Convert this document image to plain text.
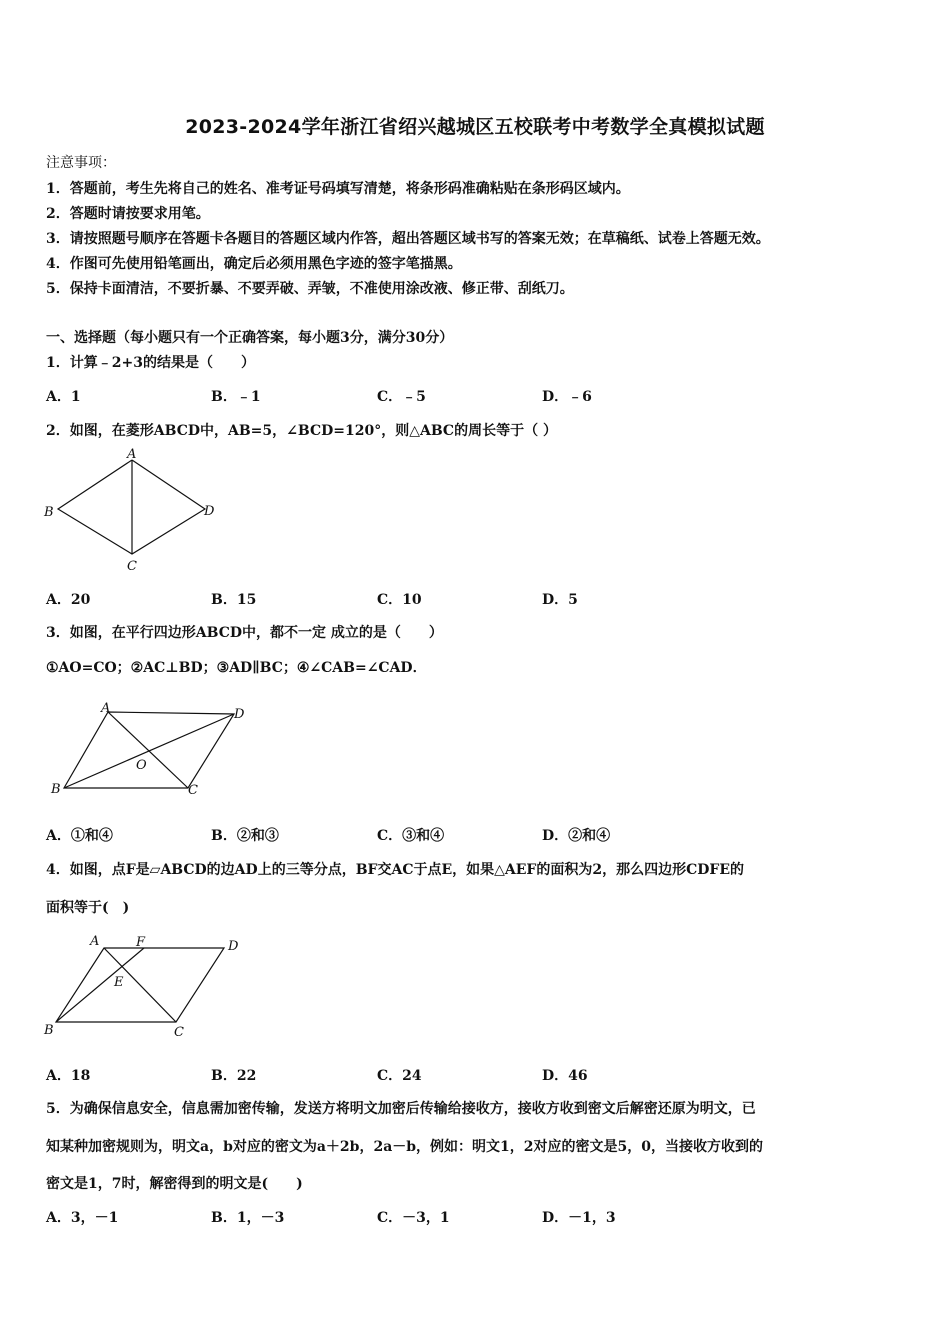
2023-2024学年浙江省绍兴越城区五校联考中考数学全真模拟试题
注意事项：
1．答题前，考生先将自己的姓名、准考证号码填写清楚，将条形码准确粘贴在条形码区域内。
2．答题时请按要求用笔。
3．请按照题号顺序在答题卡各题目的答题区域内作答，超出答题区域书写的答案无效；在草稿纸、试卷上答题无效。
4．作图可先使用铅笔画出，确定后必须用黑色字迹的签字笔描黑。
5．保持卡面清洁，不要折暴、不要弄破、弄皱，不准使用涂改液、修正带、刮纸刀。
一、选择题（每小题只有一个正确答案，每小题3分，满分30分）
1．计算﹣2+3的结果是（　　）
A．1	B．﹣1	C．﹣5	D．﹣6
2．如图，在菱形ABCD中，AB=5，∠BCD=120°，则△ABC的周长等于（ ）
A
B
C
D
A．20	B．15	C．10	D．5
3．如图，在平行四边形ABCD中，都不一定 成立的是（　　）
①AO=CO；②AC⊥BD；③AD∥BC；④∠CAB=∠CAD．
A	D
O
B	C
A．①和④	B．②和③	C．③和④	D．②和④
4．如图，点F是▱ABCD的边AD上的三等分点，BF交AC于点E，如果△AEF的面积为2，那么四边形CDFE的
面积等于(　)
A	F	D
E
B	C
A．18	B．22	C．24	D．46
5．为确保信息安全，信息需加密传输，发送方将明文加密后传输给接收方，接收方收到密文后解密还原为明文，已
知某种加密规则为，明文a，b对应的密文为a＋2b，2a－b，例如：明文1，2对应的密文是5，0，当接收方收到的
密文是1，7时，解密得到的明文是(　　)
A．3，－1	B．1，－3	C．－3，1	D．－1，3
